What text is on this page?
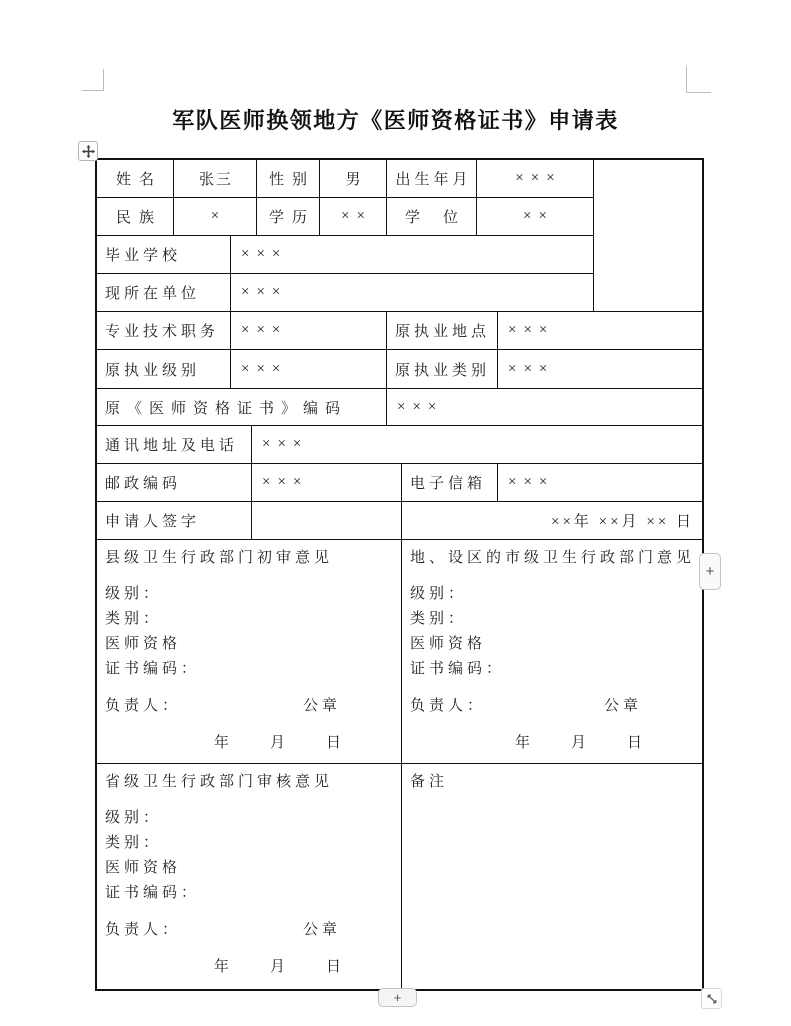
军队医师换领地方《医师资格证书》申请表
姓名	张三	性别	男	出生年月	×××
民族	×	学历	××	学　位	××
毕业学校	×××
现所在单位	×××
专业技术职务	×××	原执业地点	×××
原执业级别	×××	原执业类别	×××
原《医师资格证书》编码	×××
通讯地址及电话	×××
邮政编码	×××	电子信箱	×××
申请人签字	××年 ××月 ×× 日
县级卫生行政部门初审意见
级别：
类别：
医师资格
证书编码：
负责人：	公章
年 月 日
地、设区的市级卫生行政部门意见
级别：
类别：
医师资格
证书编码：
负责人：	公章
年 月 日
省级卫生行政部门审核意见
级别：
类别：
医师资格
证书编码：
负责人：	公章
年 月 日
备注
+
+
